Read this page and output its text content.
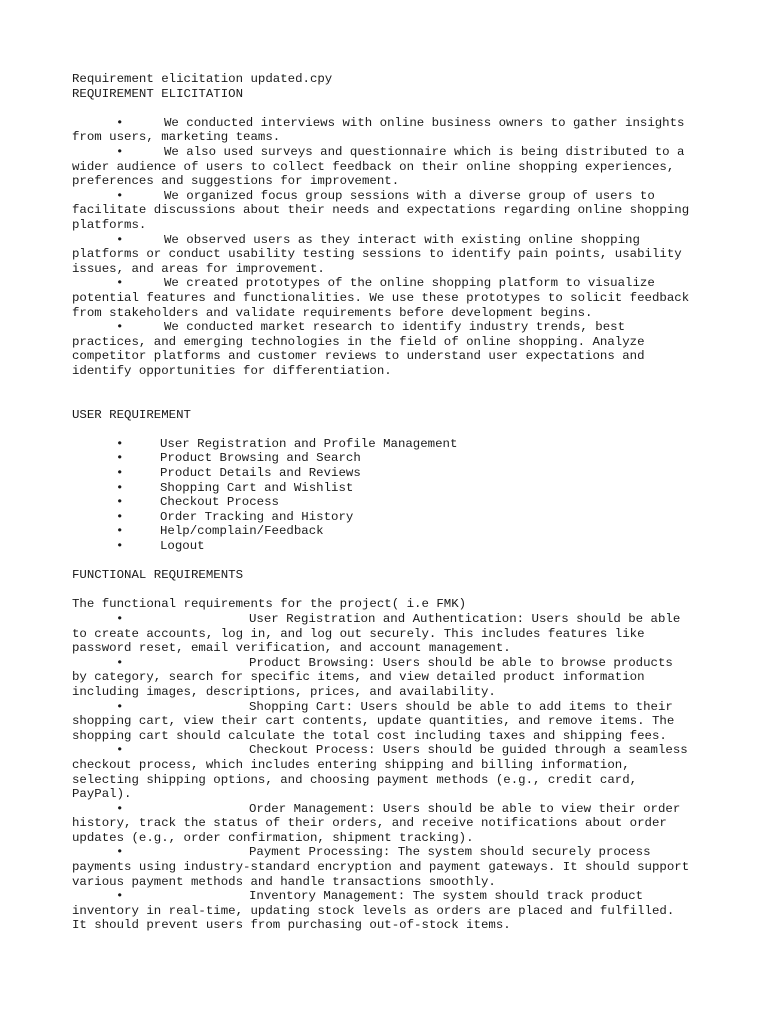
Requirement elicitation updated.cpy
REQUIREMENT ELICITATION
•	We conducted interviews with online business owners to gather insights
from users, marketing teams.
•	We also used surveys and questionnaire which is being distributed to a
wider audience of users to collect feedback on their online shopping experiences,
preferences and suggestions for improvement.
•	We organized focus group sessions with a diverse group of users to
facilitate discussions about their needs and expectations regarding online shopping
platforms.
•	We observed users as they interact with existing online shopping
platforms or conduct usability testing sessions to identify pain points, usability
issues, and areas for improvement.
•	We created prototypes of the online shopping platform to visualize
potential features and functionalities. We use these prototypes to solicit feedback
from stakeholders and validate requirements before development begins.
•	We conducted market research to identify industry trends, best
practices, and emerging technologies in the field of online shopping. Analyze
competitor platforms and customer reviews to understand user expectations and
identify opportunities for differentiation.
USER REQUIREMENT
•	User Registration and Profile Management
•	Product Browsing and Search
•	Product Details and Reviews
•	Shopping Cart and Wishlist
•	Checkout Process
•	Order Tracking and History
•	Help/complain/Feedback
•	Logout
FUNCTIONAL REQUIREMENTS
The functional requirements for the project( i.e FMK)
•	User Registration and Authentication: Users should be able
to create accounts, log in, and log out securely. This includes features like
password reset, email verification, and account management.
•	Product Browsing: Users should be able to browse products
by category, search for specific items, and view detailed product information
including images, descriptions, prices, and availability.
•	Shopping Cart: Users should be able to add items to their
shopping cart, view their cart contents, update quantities, and remove items. The
shopping cart should calculate the total cost including taxes and shipping fees.
•	Checkout Process: Users should be guided through a seamless
checkout process, which includes entering shipping and billing information,
selecting shipping options, and choosing payment methods (e.g., credit card,
PayPal).
•	Order Management: Users should be able to view their order
history, track the status of their orders, and receive notifications about order
updates (e.g., order confirmation, shipment tracking).
•	Payment Processing: The system should securely process
payments using industry-standard encryption and payment gateways. It should support
various payment methods and handle transactions smoothly.
•	Inventory Management: The system should track product
inventory in real-time, updating stock levels as orders are placed and fulfilled.
It should prevent users from purchasing out-of-stock items.
